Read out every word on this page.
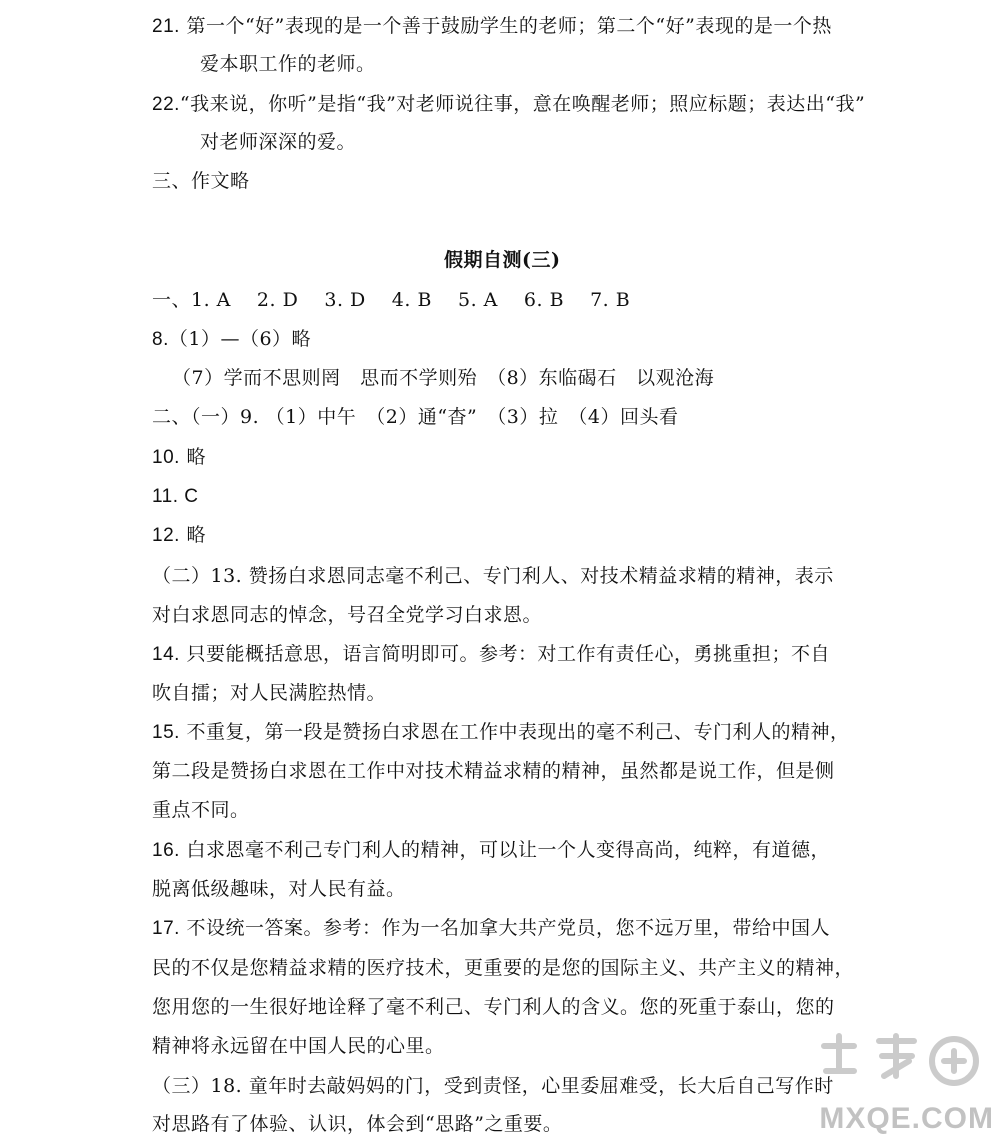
21. 第一个“好”表现的是一个善于鼓励学生的老师；第二个“好”表现的是一个热
爱本职工作的老师。
22.“我来说，你听”是指“我”对老师说往事，意在唤醒老师；照应标题；表达出“我”
对老师深深的爱。
三、作文略
假期自测(三)
一、1. A　 2. D　 3. D　 4. B　 5. A　 6. B　 7. B
8.（1）—（6）略
（7）学而不思则罔　思而不学则殆　（8）东临碣石　以观沧海
二、（一）9. （1）中午　（2）通“杳”　（3）拉　（4）回头看
10. 略
11. C
12. 略
（二）13. 赞扬白求恩同志毫不利己、专门利人、对技术精益求精的精神，表示
对白求恩同志的悼念，号召全党学习白求恩。
14. 只要能概括意思，语言简明即可。参考：对工作有责任心，勇挑重担；不自
吹自擂；对人民满腔热情。
15. 不重复，第一段是赞扬白求恩在工作中表现出的毫不利己、专门利人的精神，
第二段是赞扬白求恩在工作中对技术精益求精的精神，虽然都是说工作，但是侧
重点不同。
16. 白求恩毫不利己专门利人的精神，可以让一个人变得高尚，纯粹，有道德，
脱离低级趣味，对人民有益。
17. 不设统一答案。参考：作为一名加拿大共产党员，您不远万里，带给中国人
民的不仅是您精益求精的医疗技术，更重要的是您的国际主义、共产主义的精神，
您用您的一生很好地诠释了毫不利己、专门利人的含义。您的死重于泰山，您的
精神将永远留在中国人民的心里。
（三）18. 童年时去敲妈妈的门，受到责怪，心里委屈难受，长大后自己写作时
对思路有了体验、认识，体会到“思路”之重要。	MXQE.COM
